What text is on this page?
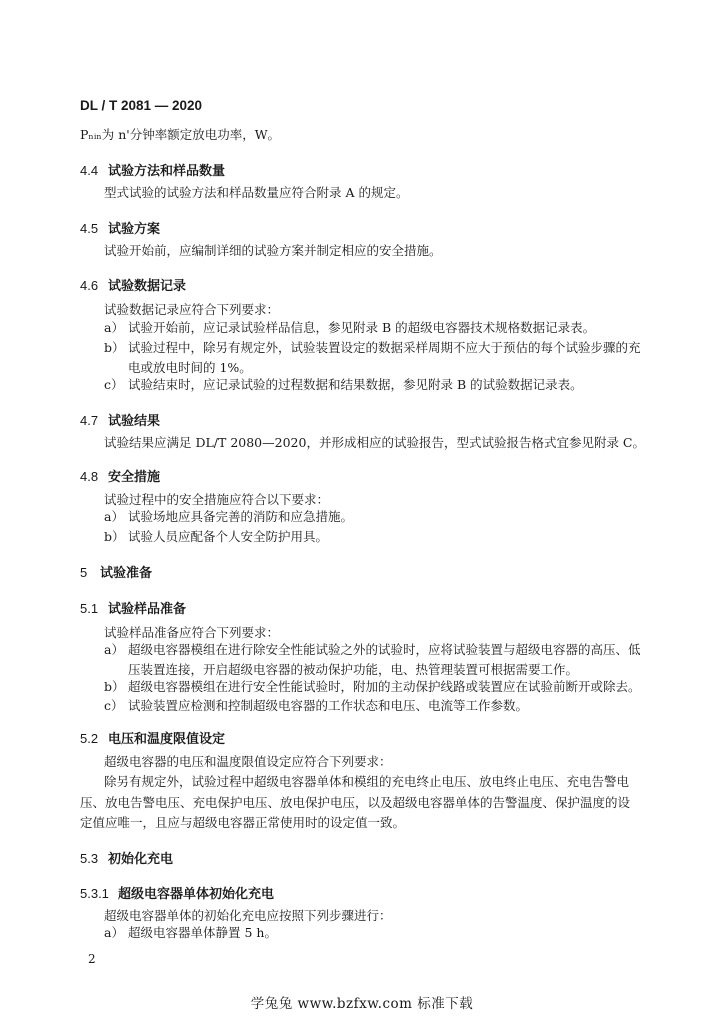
DL / T 2081 — 2020
Pₙᵢₙ为 n'分钟率额定放电功率，W。
4.4 试验方法和样品数量
型式试验的试验方法和样品数量应符合附录 A 的规定。
4.5 试验方案
试验开始前，应编制详细的试验方案并制定相应的安全措施。
4.6 试验数据记录
试验数据记录应符合下列要求：
a） 试验开始前，应记录试验样品信息，参见附录 B 的超级电容器技术规格数据记录表。
b） 试验过程中，除另有规定外，试验装置设定的数据采样周期不应大于预估的每个试验步骤的充
电或放电时间的 1%。
c） 试验结束时，应记录试验的过程数据和结果数据，参见附录 B 的试验数据记录表。
4.7 试验结果
试验结果应满足 DL/T 2080—2020，并形成相应的试验报告，型式试验报告格式宜参见附录 C。
4.8 安全措施
试验过程中的安全措施应符合以下要求：
a） 试验场地应具备完善的消防和应急措施。
b） 试验人员应配备个人安全防护用具。
5 试验准备
5.1 试验样品准备
试验样品准备应符合下列要求：
a） 超级电容器模组在进行除安全性能试验之外的试验时，应将试验装置与超级电容器的高压、低
压装置连接，开启超级电容器的被动保护功能，电、热管理装置可根据需要工作。
b） 超级电容器模组在进行安全性能试验时，附加的主动保护线路或装置应在试验前断开或除去。
c） 试验装置应检测和控制超级电容器的工作状态和电压、电流等工作参数。
5.2 电压和温度限值设定
超级电容器的电压和温度限值设定应符合下列要求：
除另有规定外，试验过程中超级电容器单体和模组的充电终止电压、放电终止电压、充电告警电
压、放电告警电压、充电保护电压、放电保护电压，以及超级电容器单体的告警温度、保护温度的设
定值应唯一，且应与超级电容器正常使用时的设定值一致。
5.3 初始化充电
5.3.1 超级电容器单体初始化充电
超级电容器单体的初始化充电应按照下列步骤进行：
a） 超级电容器单体静置 5 h。
2
学兔兔 www.bzfxw.com 标准下载
